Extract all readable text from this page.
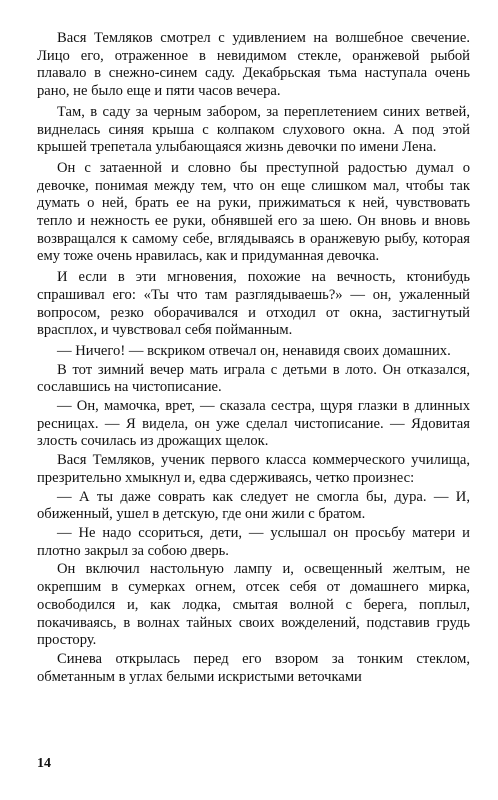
Вася Темляков смотрел с удивлением на волшебное свечение. Лицо его, отраженное в невидимом стекле, оранжевой рыбой плавало в снежно-синем саду. Декабрьская тьма наступала очень рано, не было еще и пяти часов вечера.

Там, в саду за черным забором, за переплетением синих ветвей, виднелась синяя крыша с колпаком слухового окна. А под этой крышей трепетала улыбающаяся жизнь девочки по имени Лена.

Он с затаенной и словно бы преступной радостью думал о девочке, понимая между тем, что он еще слишком мал, чтобы так думать о ней, брать ее на руки, прижиматься к ней, чувствовать тепло и нежность ее руки, обнявшей его за шею. Он вновь и вновь возвращался к самому себе, вглядываясь в оранжевую рыбу, которая ему тоже очень нравилась, как и придуманная девочка.

И если в эти мгновения, похожие на вечность, ктонибудь спрашивал его: «Ты что там разглядываешь?» — он, ужаленный вопросом, резко оборачивался и отходил от окна, застигнутый врасплох, и чувствовал себя пойманным.

— Ничего! — вскриком отвечал он, ненавидя своих домашних.

В тот зимний вечер мать играла с детьми в лото. Он отказался, сославшись на чистописание.

— Он, мамочка, врет, — сказала сестра, щуря глазки в длинных ресницах. — Я видела, он уже сделал чистописание. — Ядовитая злость сочилась из дрожащих щелок.

Вася Темляков, ученик первого класса коммерческого училища, презрительно хмыкнул и, едва сдерживаясь, четко произнес:

— А ты даже соврать как следует не смогла бы, дура. — И, обиженный, ушел в детскую, где они жили с братом.

— Не надо ссориться, дети, — услышал он просьбу матери и плотно закрыл за собою дверь.

Он включил настольную лампу и, освещенный желтым, не окрепшим в сумерках огнем, отсек себя от домашнего мирка, освободился и, как лодка, смытая волной с берега, поплыл, покачиваясь, в волнах тайных своих вожделений, подставив грудь простору.

Синева открылась перед его взором за тонким стеклом, обметанным в углах белыми искристыми веточками

14
